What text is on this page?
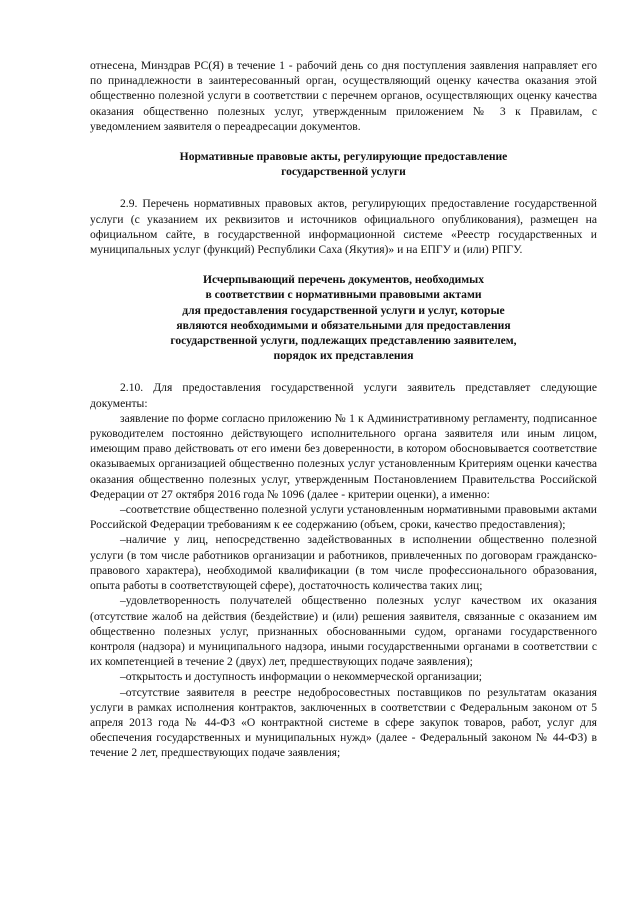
отнесена, Минздрав РС(Я) в течение 1 - рабочий день со дня поступления заявления направляет его по принадлежности в заинтересованный орган, осуществляющий оценку качества оказания этой общественно полезной услуги в соответствии с перечнем органов, осуществляющих оценку качества оказания общественно полезных услуг, утвержденным приложением № 3 к Правилам, с уведомлением заявителя о переадресации документов.

Нормативные правовые акты, регулирующие предоставление
государственной услуги

2.9. Перечень нормативных правовых актов, регулирующих предоставление государственной услуги (с указанием их реквизитов и источников официального опубликования), размещен на официальном сайте, в государственной информационной системе «Реестр государственных и муниципальных услуг (функций) Республики Саха (Якутия)» и на ЕПГУ и (или) РПГУ.

Исчерпывающий перечень документов, необходимых
в соответствии с нормативными правовыми актами
для предоставления государственной услуги и услуг, которые
являются необходимыми и обязательными для предоставления
государственной услуги, подлежащих представлению заявителем,
порядок их представления

2.10. Для предоставления государственной услуги заявитель представляет следующие документы:

заявление по форме согласно приложению № 1 к Административному регламенту, подписанное руководителем постоянно действующего исполнительного органа заявителя или иным лицом, имеющим право действовать от его имени без доверенности, в котором обосновывается соответствие оказываемых организацией общественно полезных услуг установленным Критериям оценки качества оказания общественно полезных услуг, утвержденным Постановлением Правительства Российской Федерации от 27 октября 2016 года № 1096 (далее - критерии оценки), а именно:

–соответствие общественно полезной услуги установленным нормативными правовыми актами Российской Федерации требованиям к ее содержанию (объем, сроки, качество предоставления);

–наличие у лиц, непосредственно задействованных в исполнении общественно полезной услуги (в том числе работников организации и работников, привлеченных по договорам гражданско-правового характера), необходимой квалификации (в том числе профессионального образования, опыта работы в соответствующей сфере), достаточность количества таких лиц;

–удовлетворенность получателей общественно полезных услуг качеством их оказания (отсутствие жалоб на действия (бездействие) и (или) решения заявителя, связанные с оказанием им общественно полезных услуг, признанных обоснованными судом, органами государственного контроля (надзора) и муниципального надзора, иными государственными органами в соответствии с их компетенцией в течение 2 (двух) лет, предшествующих подаче заявления);

–открытость и доступность информации о некоммерческой организации;

–отсутствие заявителя в реестре недобросовестных поставщиков по результатам оказания услуги в рамках исполнения контрактов, заключенных в соответствии с Федеральным законом от 5 апреля 2013 года № 44-ФЗ «О контрактной системе в сфере закупок товаров, работ, услуг для обеспечения государственных и муниципальных нужд» (далее - Федеральный законом № 44-ФЗ) в течение 2 лет, предшествующих подаче заявления;
